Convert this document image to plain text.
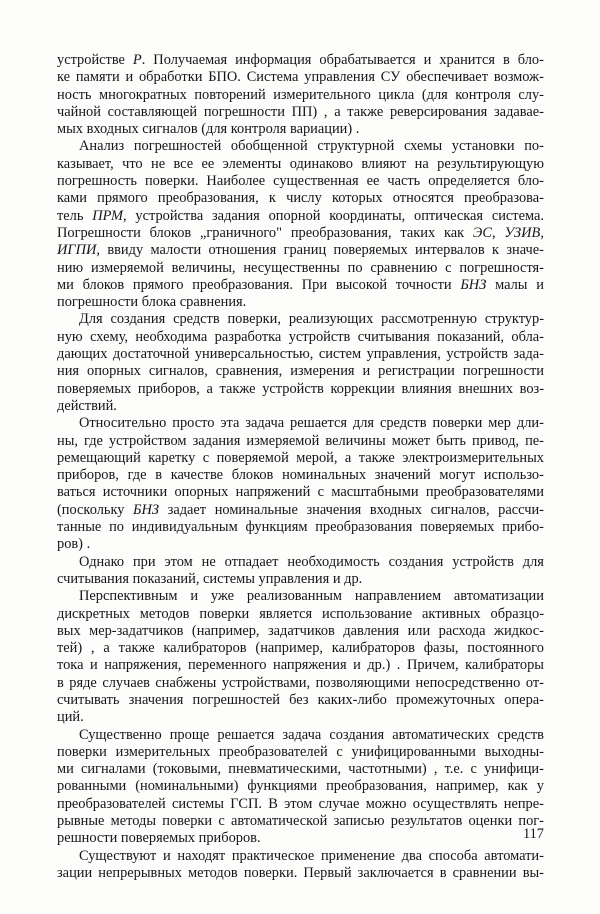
устройстве Р. Получаемая информация обрабатывается и хранится в бло-
ке памяти и обработки БПО. Система управления СУ обеспечивает возмож-
ность многократных повторений измерительного цикла (для контроля слу-
чайной составляющей погрешности ПП) , а также реверсирования задавае-
мых входных сигналов (для контроля вариации) .

Анализ погрешностей обобщенной структурной схемы установки по-
казывает, что не все ее элементы одинаково влияют на результирующую
погрешность поверки. Наиболее существенная ее часть определяется бло-
ками прямого преобразования, к числу которых относятся преобразова-
тель ПРМ, устройства задания опорной координаты, оптическая система.
Погрешности блоков „граничного" преобразования, таких как ЭС, УЗИВ,
ИГПИ, ввиду малости отношения границ поверяемых интервалов к значе-
нию измеряемой величины, несущественны по сравнению с погрешностя-
ми блоков прямого преобразования. При высокой точности БНЗ малы и
погрешности блока сравнения.

Для создания средств поверки, реализующих рассмотренную структур-
ную схему, необходима разработка устройств считывания показаний, обла-
дающих достаточной универсальностью, систем управления, устройств зада-
ния опорных сигналов, сравнения, измерения и регистрации погрешности
поверяемых приборов, а также устройств коррекции влияния внешних воз-
действий.

Относительно просто эта задача решается для средств поверки мер дли-
ны, где устройством задания измеряемой величины может быть привод, пе-
ремещающий каретку с поверяемой мерой, а также электроизмерительных
приборов, где в качестве блоков номинальных значений могут использо-
ваться источники опорных напряжений с масштабными преобразователями
(поскольку БНЗ задает номинальные значения входных сигналов, рассчи-
танные по индивидуальным функциям преобразования поверяемых прибо-
ров) .

Однако при этом не отпадает необходимость создания устройств для
считывания показаний, системы управления и др.

Перспективным и уже реализованным направлением автоматизации
дискретных методов поверки является использование активных образцо-
вых мер-задатчиков (например, задатчиков давления или расхода жидкос-
тей) , а также калибраторов (например, калибраторов фазы, постоянного
тока и напряжения, переменного напряжения и др.) . Причем, калибраторы
в ряде случаев снабжены устройствами, позволяющими непосредственно от-
считывать значения погрешностей без каких-либо промежуточных опера-
ций.

Существенно проще решается задача создания автоматических средств
поверки измерительных преобразователей с унифицированными выходны-
ми сигналами (токовыми, пневматическими, частотными) , т.е. с унифици-
рованными (номинальными) функциями преобразования, например, как у
преобразователей системы ГСП. В этом случае можно осуществлять непре-
рывные методы поверки с автоматической записью результатов оценки пог-
решности поверяемых приборов.

Существуют и находят практическое применение два способа автомати-
зации непрерывных методов поверки. Первый заключается в сравнении вы-

117
